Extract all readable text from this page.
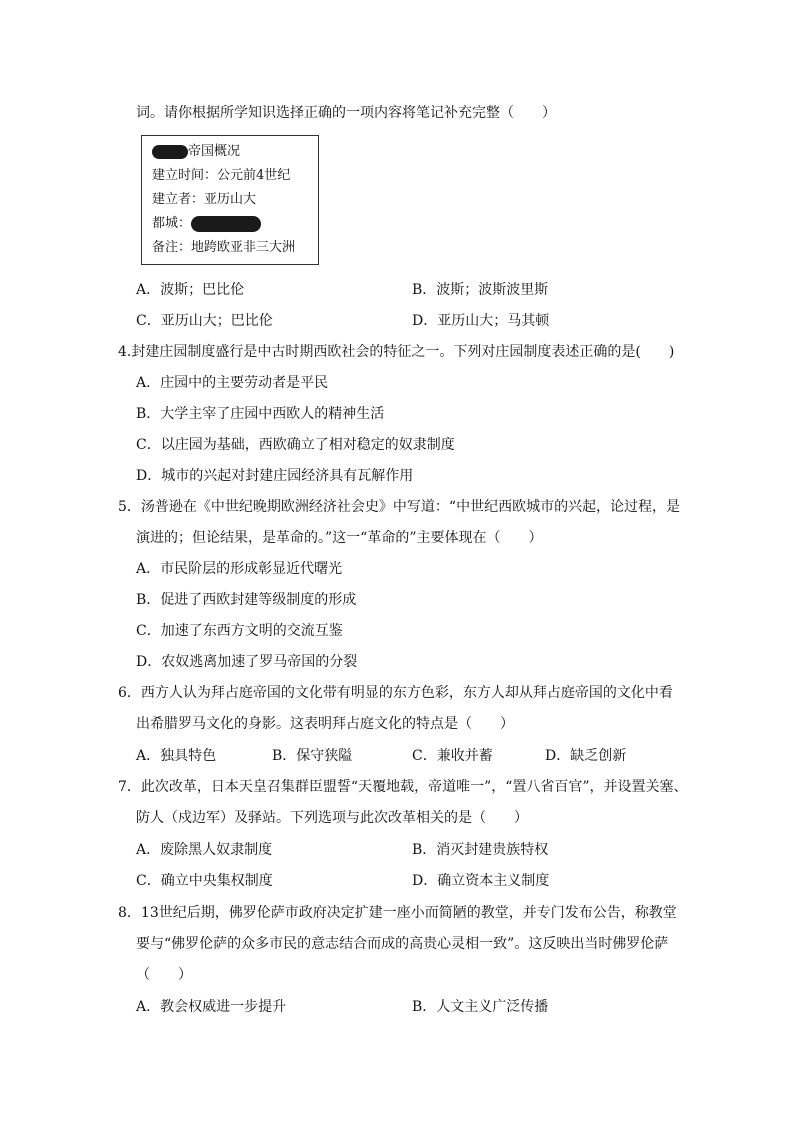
词。请你根据所学知识选择正确的一项内容将笔记补充完整（　　）
帝国概况
建立时间：公元前4世纪
建立者：亚历山大
都城：
备注：地跨欧亚非三大洲
A．波斯；巴比伦	B．波斯；波斯波里斯
C．亚历山大；巴比伦	D．亚历山大；马其顿
4.封建庄园制度盛行是中古时期西欧社会的特征之一。下列对庄园制度表述正确的是(　　)
A．庄园中的主要劳动者是平民
B．大学主宰了庄园中西欧人的精神生活
C．以庄园为基础，西欧确立了相对稳定的奴隶制度
D．城市的兴起对封建庄园经济具有瓦解作用
5．汤普逊在《中世纪晚期欧洲经济社会史》中写道：“中世纪西欧城市的兴起，论过程，是
演进的；但论结果，是革命的。”这一“革命的”主要体现在（　　）
A．市民阶层的形成彰显近代曙光
B．促进了西欧封建等级制度的形成
C．加速了东西方文明的交流互鉴
D．农奴逃离加速了罗马帝国的分裂
6．西方人认为拜占庭帝国的文化带有明显的东方色彩，东方人却从拜占庭帝国的文化中看
出希腊罗马文化的身影。这表明拜占庭文化的特点是（　　）
A．独具特色	B．保守狭隘	C．兼收并蓄	D．缺乏创新
7．此次改革，日本天皇召集群臣盟誓“天覆地载，帝道唯一”，“置八省百官”，并设置关塞、
防人（戍边军）及驿站。下列选项与此次改革相关的是（　　）
A．废除黑人奴隶制度	B．消灭封建贵族特权
C．确立中央集权制度	D．确立资本主义制度
8．13世纪后期，佛罗伦萨市政府决定扩建一座小而简陋的教堂，并专门发布公告，称教堂
要与“佛罗伦萨的众多市民的意志结合而成的高贵心灵相一致”。这反映出当时佛罗伦萨
（　　）
A．教会权威进一步提升	B．人文主义广泛传播
